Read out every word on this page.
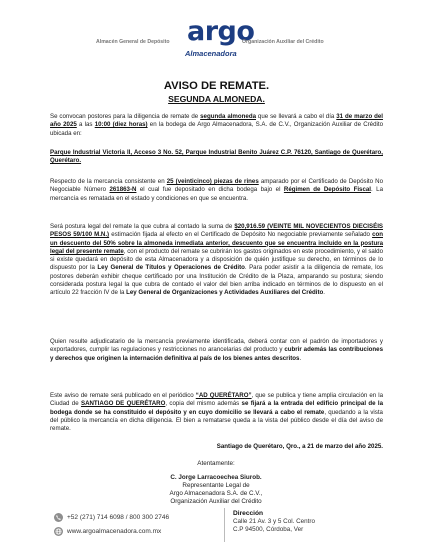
Almacén General de Depósito argo
Almacenadora
Organización Auxiliar del Crédito
AVISO DE REMATE.
SEGUNDA ALMONEDA.
Se convocan postores para la diligencia de remate de segunda almoneda que se llevará a cabo el día 31 de marzo del año 2025 a las 10:00 (diez horas) en la bodega de Argo Almacenadora, S.A. de C.V., Organización Auxiliar de Crédito ubicada en:
Parque Industrial Victoria II, Acceso 3 No. 52, Parque Industrial Benito Juárez C.P. 76120, Santiago de Querétaro, Querétaro.
Respecto de la mercancía consistente en 25 (veinticinco) piezas de rines amparado por el Certificado de Depósito No Negociable Número 261863-N el cual fue depositado en dicha bodega bajo el Régimen de Depósito Fiscal. La mercancía es rematada en el estado y condiciones en que se encuentra.
Será postura legal del remate la que cubra al contado la suma de $20,916.59 (VEINTE MIL NOVECIENTOS DIECISÉIS PESOS 59/100 M.N.) estimación fijada al efecto en el Certificado de Depósito No negociable previamente señalado con un descuento del 50% sobre la almoneda inmediata anterior, descuento que se encuentra incluido en la postura legal del presente remate, con el producto del remate se cubrirán los gastos originados en este procedimiento, y el saldo si existe quedará en depósito de esta Almacenadora y a disposición de quién justifique su derecho, en términos de lo dispuesto por la Ley General de Títulos y Operaciones de Crédito. Para poder asistir a la diligencia de remate, los postores deberán exhibir cheque certificado por una Institución de Crédito de la Plaza, amparando su postura; siendo considerada postura legal la que cubra de contado el valor del bien arriba indicado en términos de lo dispuesto en el artículo 22 fracción IV de la Ley General de Organizaciones y Actividades Auxiliares del Crédito.
Quien resulte adjudicatario de la mercancía previamente identificada, deberá contar con el padrón de importadores y exportadores, cumplir las regulaciones y restricciones no arancelarias del producto y cubrir además las contribuciones y derechos que originen la internación definitiva al país de los bienes antes descritos.
Este aviso de remate será publicado en el periódico “AD QUERÉTARO”, que se publica y tiene amplia circulación en la Ciudad de SANTIAGO DE QUERÉTARO, copia del mismo además se fijará a la entrada del edificio principal de la bodega donde se ha constituido el depósito y en cuyo domicilio se llevará a cabo el remate, quedando a la vista del público la mercancía en dicha diligencia. El bien a rematarse queda a la vista del público desde el día del aviso de remate.
Santiago de Querétaro, Qro., a 21 de marzo del año 2025.
Atentamente:
C. Jorge Larracoechea Siurob.
Representante Legal de
Argo Almacenadora S.A. de C.V.,
Organización Auxiliar del Crédito
+52 (271) 714 6098 / 800 300 2746
www.argoalmacenadora.com.mx
Dirección
Calle 21 Av. 3 y 5 Col. Centro
C.P 94500, Córdoba, Ver
